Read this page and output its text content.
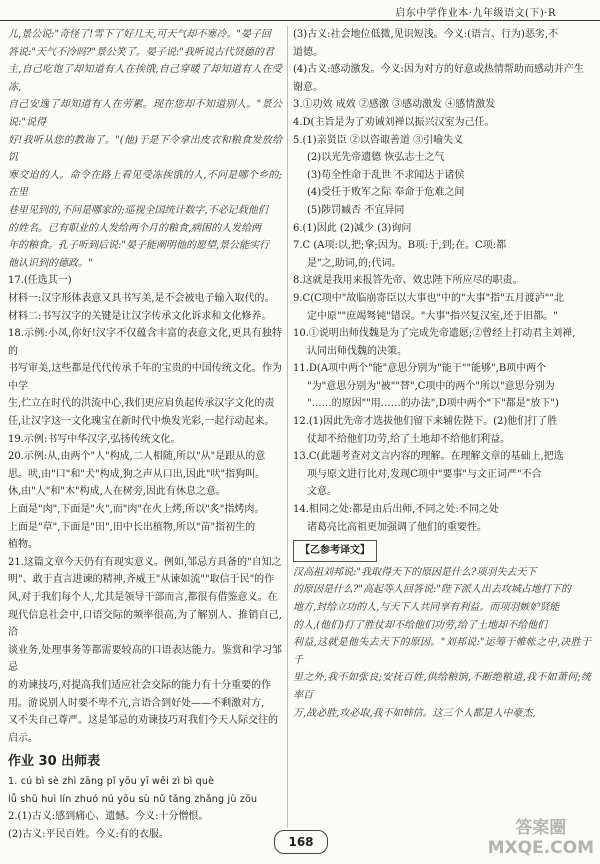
启东中学作业本·九年级语文(下)·R

儿,景公说:"奇怪了!雪下了好几天,可天气却不寒冷。"晏子回

答说:"天气不冷吗?"景公笑了。晏子说:"我听说古代贤德的君

主,自己吃饱了却知道有人在挨饿,自己穿暖了却知道有人在受冻,

自己安逸了却知道有人在劳累。现在您却不知道别人。"景公说:"说得

好!我听从您的教诲了。"(他)于是下令拿出皮衣和粮食发放给饥

寒交迫的人。命令在路上看见受冻挨饿的人,不问是哪个乡的;在里

巷里见到的,不问是哪家的;巡视全国统计数字,不必记载他们

的姓名。已有职业的人发给两个月的粮食,病困的人发给两

年的粮食。孔子听到后说:"晏子能阐明他的愿望,景公能实行

他认识到的德政。"

17.(任选其一)

材料一:汉字形体表意又具书写美,是不会被电子输入取代的。

材料二:书写汉字的关键是让汉字传承文化诉求和文化修养。

18.示例:小凤,你好!汉字不仅蕴含丰富的表意文化,更具有独特的

书写审美,这些都是代代传承千年的宝贵的中国传统文化。作为中学

生,伫立在时代的洪流中心,我们更应肩负起传承汉字文化的责

任,让汉字这一文化瑰宝在新时代中焕发光彩,一起行动起来。

19.示例:书写中华汉字,弘扬传统文化。

20.示例:从,由两个"人"构成,二人相随,所以"从"是跟从的意

思。吠,由"口"和"犬"构成,狗之声从口出,因此"吠"指狗叫。

休,由"人"和"木"构成,人在树旁,因此有休息之意。

上面是"肉",下面是"火",而"肉"在火上烤,所以"炙"指烤肉。

上面是"草",下面是"田",田中长出植物,所以"苗"指初生的

植物。

21.这篇文章今天仍有有现实意义。例如,邹忌方具备的"自知之

明"、敢于直言进谏的精神,齐威王"从谏如流""取信于民"的作

风,对于我们每个人,尤其是领导干部而言,都很有借鉴意义。在

现代信息社会中,口语交际的频率很高,为了解别人、推销自己,洽

谈业务,处理事务等都需要较高的口语表达能力。鉴赏和学习邹忌

的劝谏技巧,对提高我们适应社会交际的能力有十分重要的作

用。游说别人时要不卑不亢,言语合到好处——不剩激对方,

又不失自己尊严。这是邹忌的劝谏技巧对我们今天人际交往的

启示。

作业 30 出师表

1. cú bì sè zhì zāng pǐ yōu yī wěi zì bì què

lǚ shū huì lín zhuó nú yōu sù nǔ tǎng zhǎng jù zōu

2.(1)古义:感到痛心、遗憾。今义:十分憎恨。

(2)古义:平民百姓。今义:有的衣服。

(3)古义:社会地位低微,见识短浅。今义:(语言、行为)恶劣,不

道德。

(4)古义:感动激发。今义:因为对方的好意或热情帮助而感动并产生

谢意。

3.①功效 成效 ②感激 ③感动激发 ④感情激发

4.D(主旨是为了劝诫刘禅以振兴汉室为己任。

5.(1)亲贤臣 ②以咨诹善道 ③引喻失义

(2)以光先帝遗德 恢弘志士之气

(3)苟全性命于乱世 不求闻达于诸侯

(4)受任于败军之际 奉命于危难之间

(5)陟罚臧否 不宜异同

6.(1)因此 (2)减少 (3)询问

7.C (A项:以,把;拿;因为。B项:于,到;在。C项:都

是"之,助词,的;代词。

8.这就是我用来报答先帝、效忠陛下所应尽的职责。

9.C(C项中"故临崩寄臣以大事也"中的"大事"指"五月渡泸""北

定中原""庶竭驽钝"错误。"大事"指兴复汉室,还于旧都。"

10.①说明出师伐魏是为了完成先帝遗愿;②曾经上打动君主刘禅,

认同出师伐魏的决策。

11.D(A项中两个"能"意思分别为"能干""能够",B项中两个

"为"意思分别为"被""替",C项中的两个"所以"意思分别为

"……的原因""用……的办法",D项中两个"下"都是"放下")

12.(1)因此先帝才选拔他们留下来辅佐陛下。(2)他们打了胜

仗却不给他们功劳,给了土地却不给他们利益。

13.C(此题考查对文言内容的理解。在理解文章的基础上,把选

项与原文进行比对,发现C项中"要事"与文正词严"不合

文意。

14.相同之处:都是由后出师,不同之处:不同之处

诸葛亮比高祖更加强调了他们的重要性。

【乙参考译文】

汉高祖刘邦说:"我取得天下的原因是什么?项羽失去天下

的原因是什么?"高起等人回答说:"陛下派人出去攻城占地打下的

地方,封给立功的人,与天下人共同享有利益。而项羽嫉妒贤能

的人,(他们)打了胜仗却不给他们功劳,给了土地却不给他们

利益,这就是他失去天下的原因。"刘邦说:"运筹于帷帐之中,决胜于千

里之外,我不如张良;安抚百姓,供给粮饷,不断绝粮道,我不如萧何;统率百

万,战必胜,攻必取,我不如韩信。这三个人都是人中豪杰,

168
答案圈
MXQE.COM
